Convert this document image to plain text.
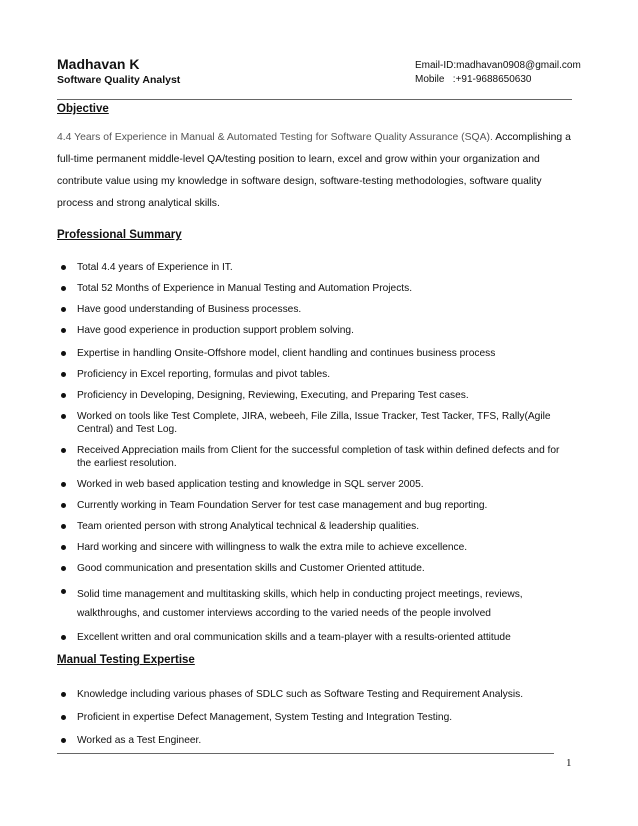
Madhavan K
Software Quality Analyst
Email-ID:madhavan0908@gmail.com
Mobile   :+91-9688650630
Objective
4.4 Years of Experience in Manual & Automated Testing for Software Quality Assurance (SQA). Accomplishing a full-time permanent middle-level QA/testing position to learn, excel and grow within your organization and contribute value using my knowledge in software design, software-testing methodologies, software quality process and strong analytical skills.
Professional Summary
Total 4.4 years of Experience in IT.
Total 52 Months of Experience in Manual Testing and Automation Projects.
Have good understanding of Business processes.
Have good experience in production support problem solving.
Expertise in handling Onsite-Offshore model, client handling and continues business process
Proficiency in Excel reporting, formulas and pivot tables.
Proficiency in Developing, Designing, Reviewing, Executing, and Preparing Test cases.
Worked on tools like Test Complete, JIRA, webeeh, File Zilla, Issue Tracker, Test Tacker, TFS, Rally(Agile Central) and Test Log.
Received Appreciation mails from Client for the successful completion of task within defined defects and for the earliest resolution.
Worked in web based application testing and knowledge in SQL server 2005.
Currently working in Team Foundation Server for test case management and bug reporting.
Team oriented person with strong Analytical technical & leadership qualities.
Hard working and sincere with willingness to walk the extra mile to achieve excellence.
Good communication and presentation skills and Customer Oriented attitude.
Solid time management and multitasking skills, which help in conducting project meetings, reviews, walkthroughs, and customer interviews according to the varied needs of the people involved
Excellent written and oral communication skills and a team-player with a results-oriented attitude
Manual Testing Expertise
Knowledge including various phases of SDLC such as Software Testing and Requirement Analysis.
Proficient in expertise Defect Management, System Testing and Integration Testing.
Worked as a Test Engineer.
1
